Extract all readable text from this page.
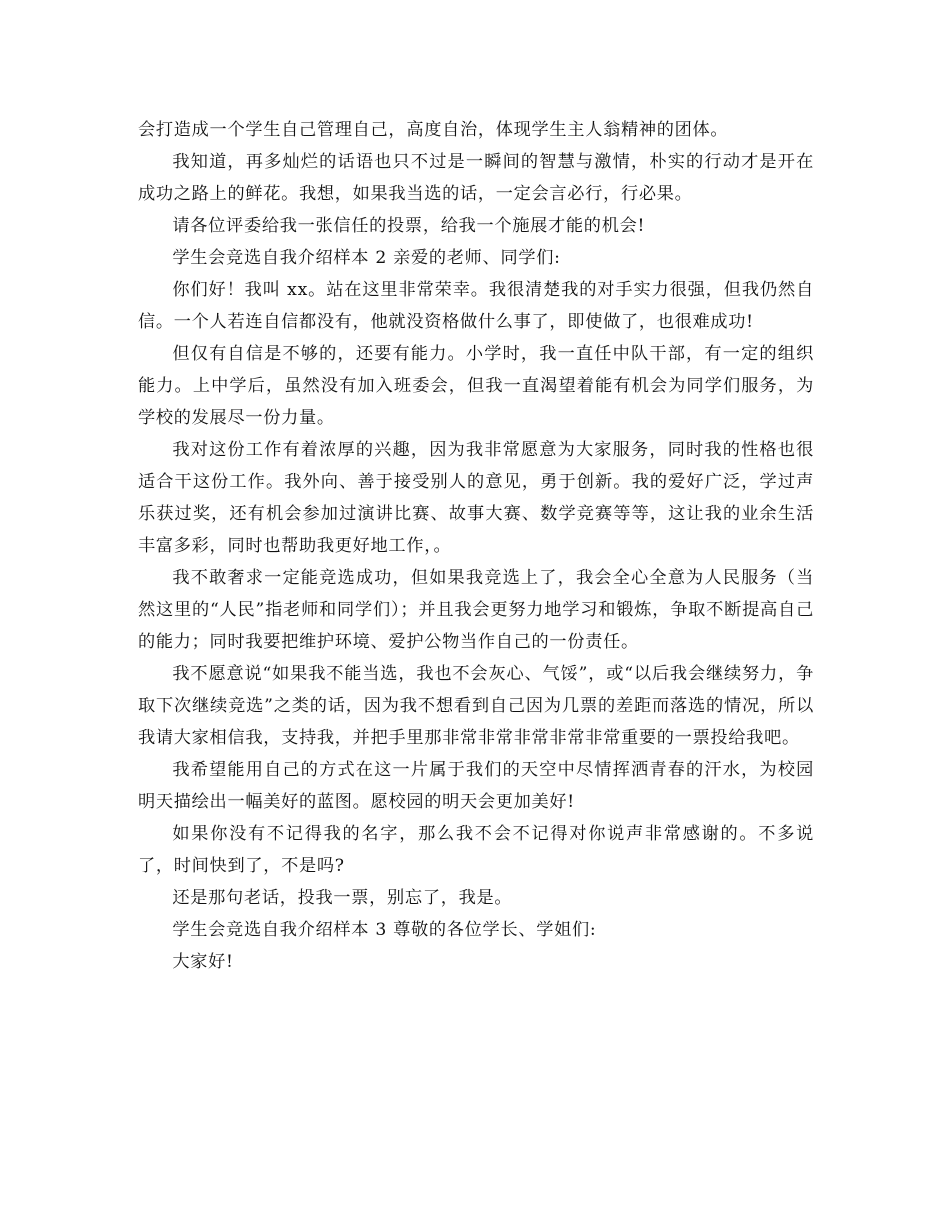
会打造成一个学生自己管理自己，高度自治，体现学生主人翁精神的团体。

我知道，再多灿烂的话语也只不过是一瞬间的智慧与激情，朴实的行动才是开在成功之路上的鲜花。我想，如果我当选的话，一定会言必行，行必果。

请各位评委给我一张信任的投票，给我一个施展才能的机会!

学生会竞选自我介绍样本 2 亲爱的老师、同学们:

你们好！我叫 xx。站在这里非常荣幸。我很清楚我的对手实力很强，但我仍然自信。一个人若连自信都没有，他就没资格做什么事了，即使做了，也很难成功!

但仅有自信是不够的，还要有能力。小学时，我一直任中队干部，有一定的组织能力。上中学后，虽然没有加入班委会，但我一直渴望着能有机会为同学们服务，为学校的发展尽一份力量。

我对这份工作有着浓厚的兴趣，因为我非常愿意为大家服务，同时我的性格也很适合干这份工作。我外向、善于接受别人的意见，勇于创新。我的爱好广泛，学过声乐获过奖，还有机会参加过演讲比赛、故事大赛、数学竞赛等等，这让我的业余生活丰富多彩，同时也帮助我更好地工作，。

我不敢奢求一定能竞选成功，但如果我竞选上了，我会全心全意为人民服务（当然这里的“人民”指老师和同学们）；并且我会更努力地学习和锻炼，争取不断提高自己的能力；同时我要把维护环境、爱护公物当作自己的一份责任。

我不愿意说“如果我不能当选，我也不会灰心、气馁”，或“以后我会继续努力，争取下次继续竞选”之类的话，因为我不想看到自己因为几票的差距而落选的情况，所以我请大家相信我，支持我，并把手里那非常非常非常非常非常重要的一票投给我吧。

我希望能用自己的方式在这一片属于我们的天空中尽情挥洒青春的汗水，为校园明天描绘出一幅美好的蓝图。愿校园的明天会更加美好!

如果你没有不记得我的名字，那么我不会不记得对你说声非常感谢的。不多说了，时间快到了，不是吗?

还是那句老话，投我一票，别忘了，我是。

学生会竞选自我介绍样本 3 尊敬的各位学长、学姐们:

大家好!
